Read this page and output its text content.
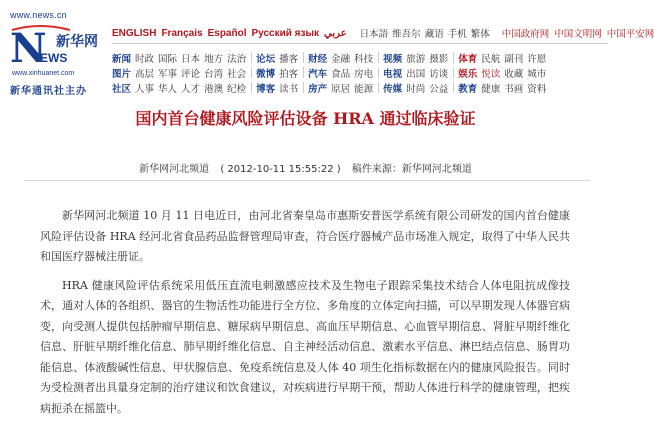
www.news.cn
N
EWS
新华网
www.xinhuanet.com
新华通讯社主办
ENGLISH Français Español Русский язык عربي 日本語 维吾尔 藏语 手机 繁体 中国政府网 中国文明网 中国平安网
新闻 时政 国际 日本 地方 法治 论坛 播客 财经 金融 科技 视频 旅游 摄影 体育 民航 副刊 许愿
图片 高层 军事 评论 台湾 社会 微博 拍客 汽车 食品 房电 电视 出国 访谈 娱乐 悦读 收藏 城市
社区 人事 华人 人才 港澳 纪检 博客 读书 房产 原居 能源 传媒 时尚 公益 教育 健康 书画 资料
国内首台健康风险评估设备 HRA 通过临床验证
新华网河北频道 ( 2012-10-11 15:55:22 ) 稿件来源：新华网河北频道

新华网河北频道 10 月 11 日电近日，由河北省秦皇岛市惠斯安普医学系统有限公司研发的国内首台健康风险评估设备 HRA 经河北省食品药品监督管理局审查，符合医疗器械产品市场准入规定，取得了中华人民共和国医疗器械注册证。

HRA 健康风险评估系统采用低压直流电刺激感应技术及生物电子跟踪采集技术结合人体电阻抗成像技术，通对人体的各组织、器官的生物活性功能进行全方位、多角度的立体定向扫描，可以早期发现人体器官病变，向受测人提供包括肿瘤早期信息、糖尿病早期信息、高血压早期信息、心血管早期信息、肾脏早期纤维化信息、肝脏早期纤维化信息、肺早期纤维化信息、自主神经活动信息、激素水平信息、淋巴结点信息、肠胃功能信息、体液酸碱性信息、甲状腺信息、免疫系统信息及人体 40 项生化指标数据在内的健康风险报告。同时为受检测者出具量身定制的治疗建议和饮食建议，对疾病进行早期干预，帮助人体进行科学的健康管理，把疾病扼杀在摇篮中。
